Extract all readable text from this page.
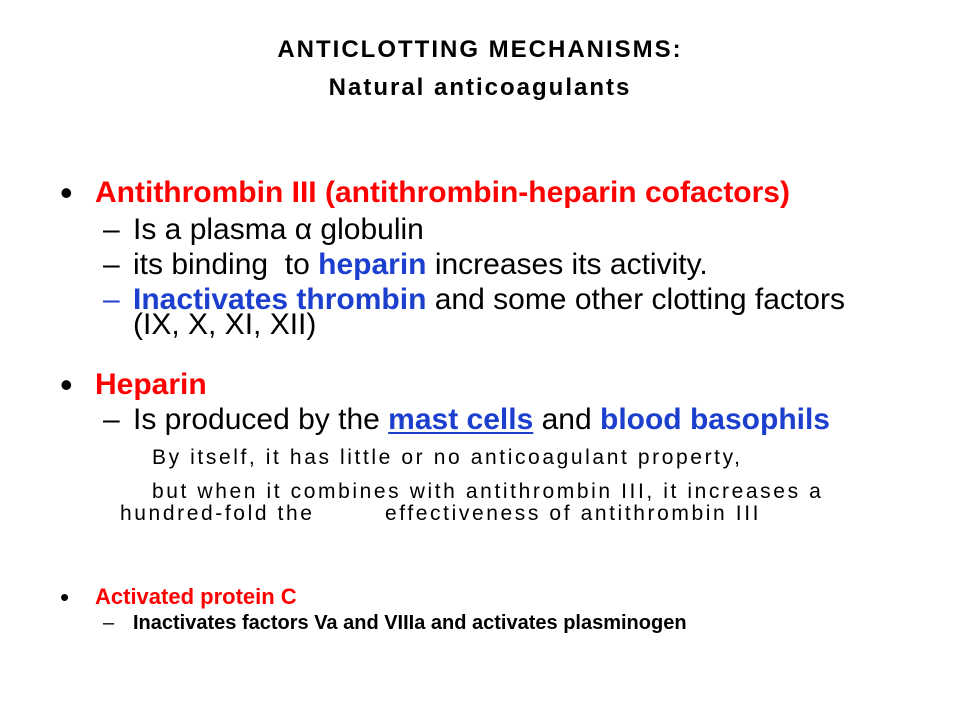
ANTICLOTTING MECHANISMS:
Natural anticoagulants
• Antithrombin III (antithrombin-heparin cofactors)
– Is a plasma α globulin
– its binding  to heparin increases its activity.
– Inactivates thrombin and some other clotting factors
(IX, X, XI, XII)
• Heparin
– Is produced by the mast cells and blood basophils
By itself, it has little or no anticoagulant property,
but when it combines with antithrombin III, it increases a
hundred-fold the	effectiveness of antithrombin III
• Activated protein C
– Inactivates factors Va and VIIIa and activates plasminogen
